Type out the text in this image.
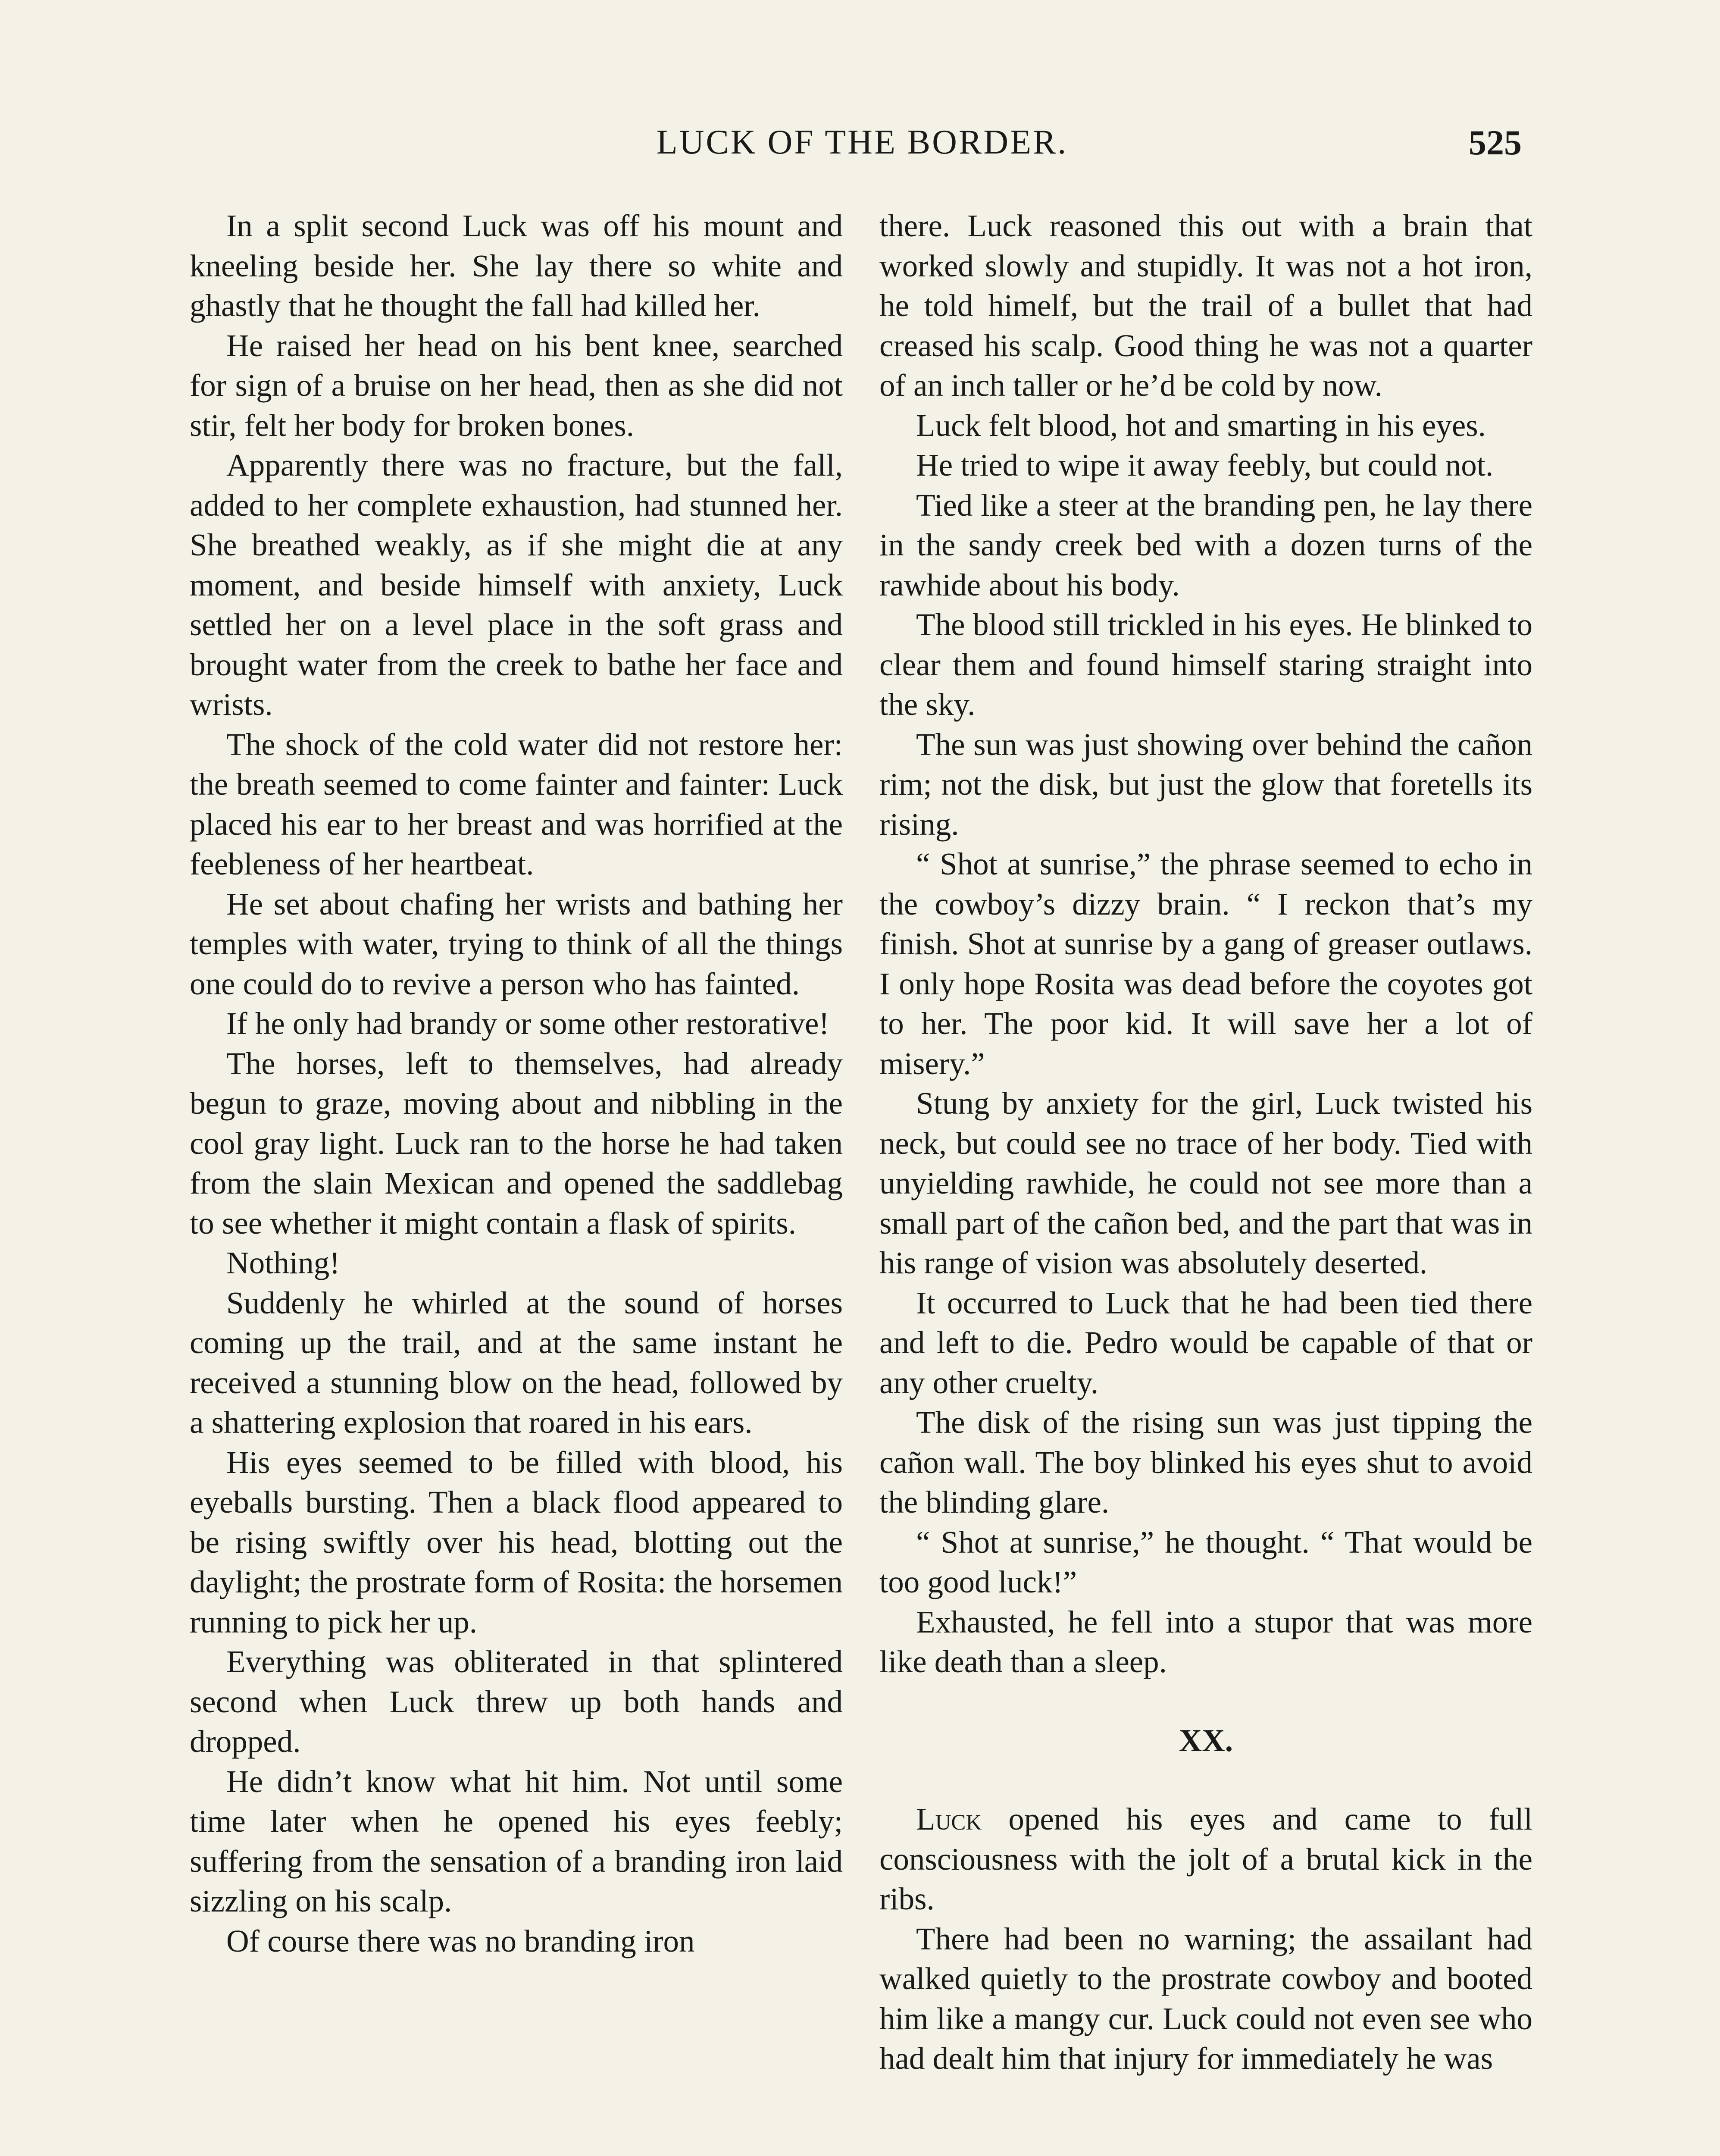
LUCK OF THE BORDER.	525

In a split second Luck was off his mount and kneeling beside her. She lay there so white and ghastly that he thought the fall had killed her.

He raised her head on his bent knee, searched for sign of a bruise on her head, then as she did not stir, felt her body for broken bones.

Apparently there was no fracture, but the fall, added to her complete exhaustion, had stunned her. She breathed weakly, as if she might die at any moment, and beside himself with anxiety, Luck settled her on a level place in the soft grass and brought water from the creek to bathe her face and wrists.

The shock of the cold water did not restore her: the breath seemed to come fainter and fainter: Luck placed his ear to her breast and was horrified at the feebleness of her heartbeat.

He set about chafing her wrists and bathing her temples with water, trying to think of all the things one could do to revive a person who has fainted.

If he only had brandy or some other restorative!

The horses, left to themselves, had already begun to graze, moving about and nibbling in the cool gray light. Luck ran to the horse he had taken from the slain Mexican and opened the saddlebag to see whether it might contain a flask of spirits.

Nothing!

Suddenly he whirled at the sound of horses coming up the trail, and at the same instant he received a stunning blow on the head, followed by a shattering explosion that roared in his ears.

His eyes seemed to be filled with blood, his eyeballs bursting. Then a black flood appeared to be rising swiftly over his head, blotting out the daylight; the prostrate form of Rosita: the horsemen running to pick her up.

Everything was obliterated in that splintered second when Luck threw up both hands and dropped.

He didn’t know what hit him. Not until some time later when he opened his eyes feebly; suffering from the sensation of a branding iron laid sizzling on his scalp.

Of course there was no branding iron

there. Luck reasoned this out with a brain that worked slowly and stupidly. It was not a hot iron, he told himelf, but the trail of a bullet that had creased his scalp. Good thing he was not a quarter of an inch taller or he’d be cold by now.

Luck felt blood, hot and smarting in his eyes.

He tried to wipe it away feebly, but could not.

Tied like a steer at the branding pen, he lay there in the sandy creek bed with a dozen turns of the rawhide about his body.

The blood still trickled in his eyes. He blinked to clear them and found himself staring straight into the sky.

The sun was just showing over behind the cañon rim; not the disk, but just the glow that foretells its rising.

“ Shot at sunrise,” the phrase seemed to echo in the cowboy’s dizzy brain. “ I reckon that’s my finish. Shot at sunrise by a gang of greaser outlaws. I only hope Rosita was dead before the coyotes got to her. The poor kid. It will save her a lot of misery.”

Stung by anxiety for the girl, Luck twisted his neck, but could see no trace of her body. Tied with unyielding rawhide, he could not see more than a small part of the cañon bed, and the part that was in his range of vision was absolutely deserted.

It occurred to Luck that he had been tied there and left to die. Pedro would be capable of that or any other cruelty.

The disk of the rising sun was just tipping the cañon wall. The boy blinked his eyes shut to avoid the blinding glare.

“ Shot at sunrise,” he thought. “ That would be too good luck!”

Exhausted, he fell into a stupor that was more like death than a sleep.

XX.

Luck opened his eyes and came to full consciousness with the jolt of a brutal kick in the ribs.

There had been no warning; the assailant had walked quietly to the prostrate cowboy and booted him like a mangy cur. Luck could not even see who had dealt him that injury for immediately he was
